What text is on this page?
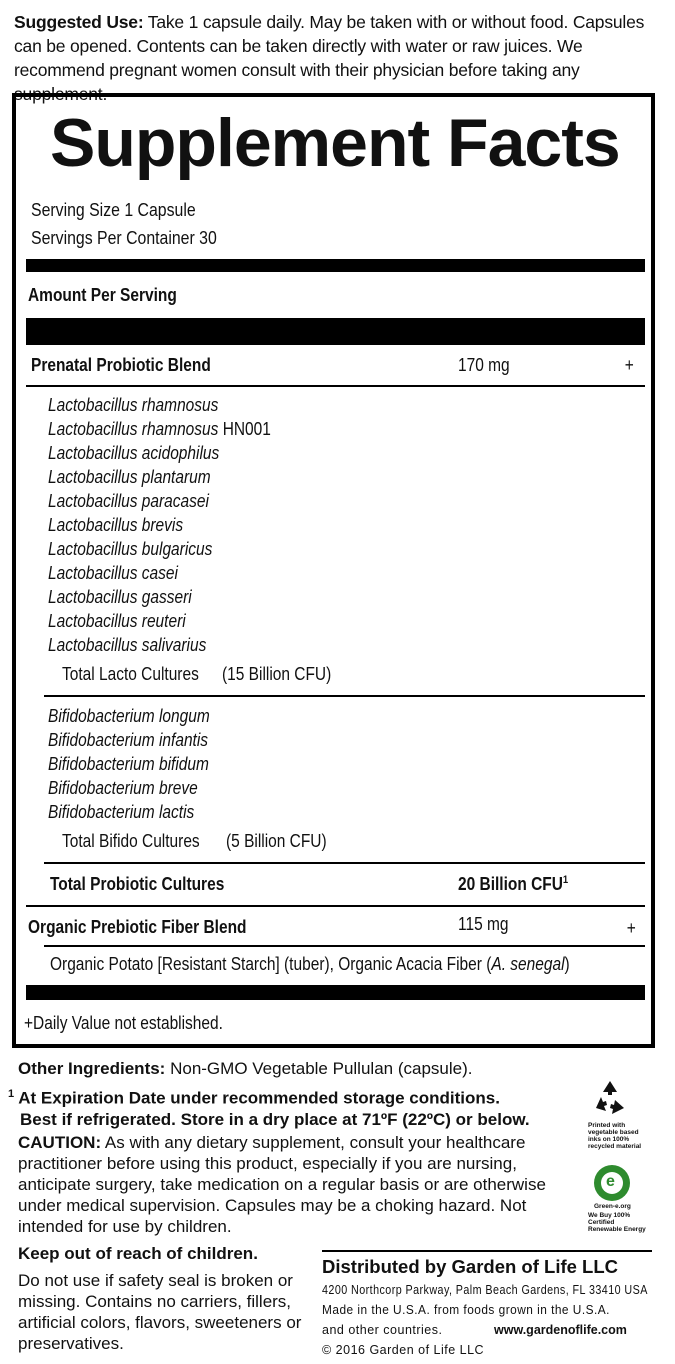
Suggested Use: Take 1 capsule daily. May be taken with or without food. Capsules can be opened. Contents can be taken directly with water or raw juices. We recommend pregnant women consult with their physician before taking any supplement.
Supplement Facts
Serving Size 1 Capsule
Servings Per Container 30
Amount Per Serving
Prenatal Probiotic Blend	170 mg	+
Lactobacillus rhamnosus
Lactobacillus rhamnosus HN001
Lactobacillus acidophilus
Lactobacillus plantarum
Lactobacillus paracasei
Lactobacillus brevis
Lactobacillus bulgaricus
Lactobacillus casei
Lactobacillus gasseri
Lactobacillus reuteri
Lactobacillus salivarius
Total Lacto Cultures (15 Billion CFU)
Bifidobacterium longum
Bifidobacterium infantis
Bifidobacterium bifidum
Bifidobacterium breve
Bifidobacterium lactis
Total Bifido Cultures (5 Billion CFU)
Total Probiotic Cultures	20 Billion CFU$^1$
Organic Prebiotic Fiber Blend	115 mg	+
Organic Potato [Resistant Starch] (tuber), Organic Acacia Fiber (A. senegal)
+Daily Value not established.
Other Ingredients: Non-GMO Vegetable Pullulan (capsule).
$^1$ At Expiration Date under recommended storage conditions.
Best if refrigerated. Store in a dry place at 71ºF (22ºC) or below.
CAUTION: As with any dietary supplement, consult your healthcare practitioner before using this product, especially if you are nursing, anticipate surgery, take medication on a regular basis or are otherwise under medical supervision. Capsules may be a choking hazard. Not intended for use by children.
Keep out of reach of children.
Do not use if safety seal is broken or missing. Contains no carriers, fillers, artificial colors, flavors, sweeteners or preservatives.
Distributed by Garden of Life LLC
4200 Northcorp Parkway, Palm Beach Gardens, FL 33410 USA
Made in the U.S.A. from foods grown in the U.S.A.
and other countries.	www.gardenoflife.com
© 2016 Garden of Life LLC
Printed with vegetable based inks on 100% recycled material
e
Green-e.org
We Buy 100% Certified Renewable Energy
